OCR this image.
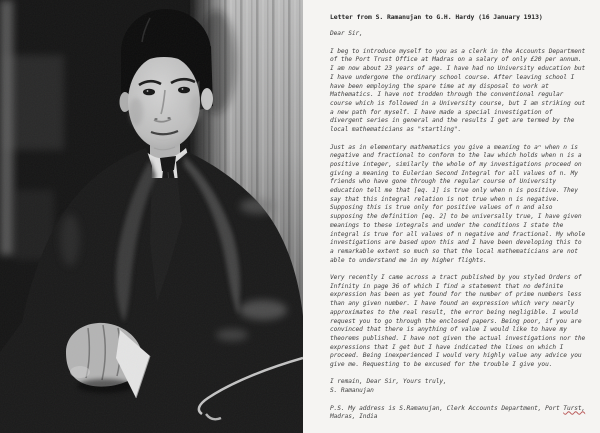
Letter from S. Ramanujan to G.H. Hardy (16 January 1913)

Dear Sir,

I beg to introduce myself to you as a clerk in the Accounts Department of the Port Trust Office at Madras on a salary of only £20 per annum. I am now about 23 years of age. I have had no University education but I have undergone the ordinary school course. After leaving school I have been employing the spare time at my disposal to work at Mathematics. I have not trodden through the conventional regular course which is followed in a University course, but I am striking out a new path for myself. I have made a special investigation of divergent series in general and the results I get are termed by the local mathematicians as "startling".

Just as in elementary mathematics you give a meaning to aⁿ when n is negative and fractional to conform to the law which holds when n is a positive integer, similarly the whole of my investigations proceed on giving a meaning to Eulerian Second Integral for all values of n. My friends who have gone through the regular course of University education tell me that [eq. 1] is true only when n is positive. They say that this integral relation is not true when n is negative. Supposing this is true only for positive values of n and also supposing the definition [eq. 2] to be universally true, I have given meanings to these integrals and under the conditions I state the integral is true for all values of n negative and fractional. My whole investigations are based upon this and I have been developing this to a remarkable extent so much so that the local mathematicians are not able to understand me in my higher flights.

Very recently I came across a tract published by you styled Orders of Infinity in page 36 of which I find a statement that no definite expression has been as yet found for the number of prime numbers less than any given number. I have found an expression which very nearly approximates to the real result, the error being negligible. I would request you to go through the enclosed papers. Being poor, if you are convinced that there is anything of value I would like to have my theorems published. I have not given the actual investigations nor the expressions that I get but I have indicated the lines on which I proceed. Being inexperienced I would very highly value any advice you give me. Requesting to be excused for the trouble I give you.

I remain, Dear Sir, Yours truly,
S. Ramanujan

P.S. My address is S.Ramanujan, Clerk Accounts Department, Port Turst, Madras, India
